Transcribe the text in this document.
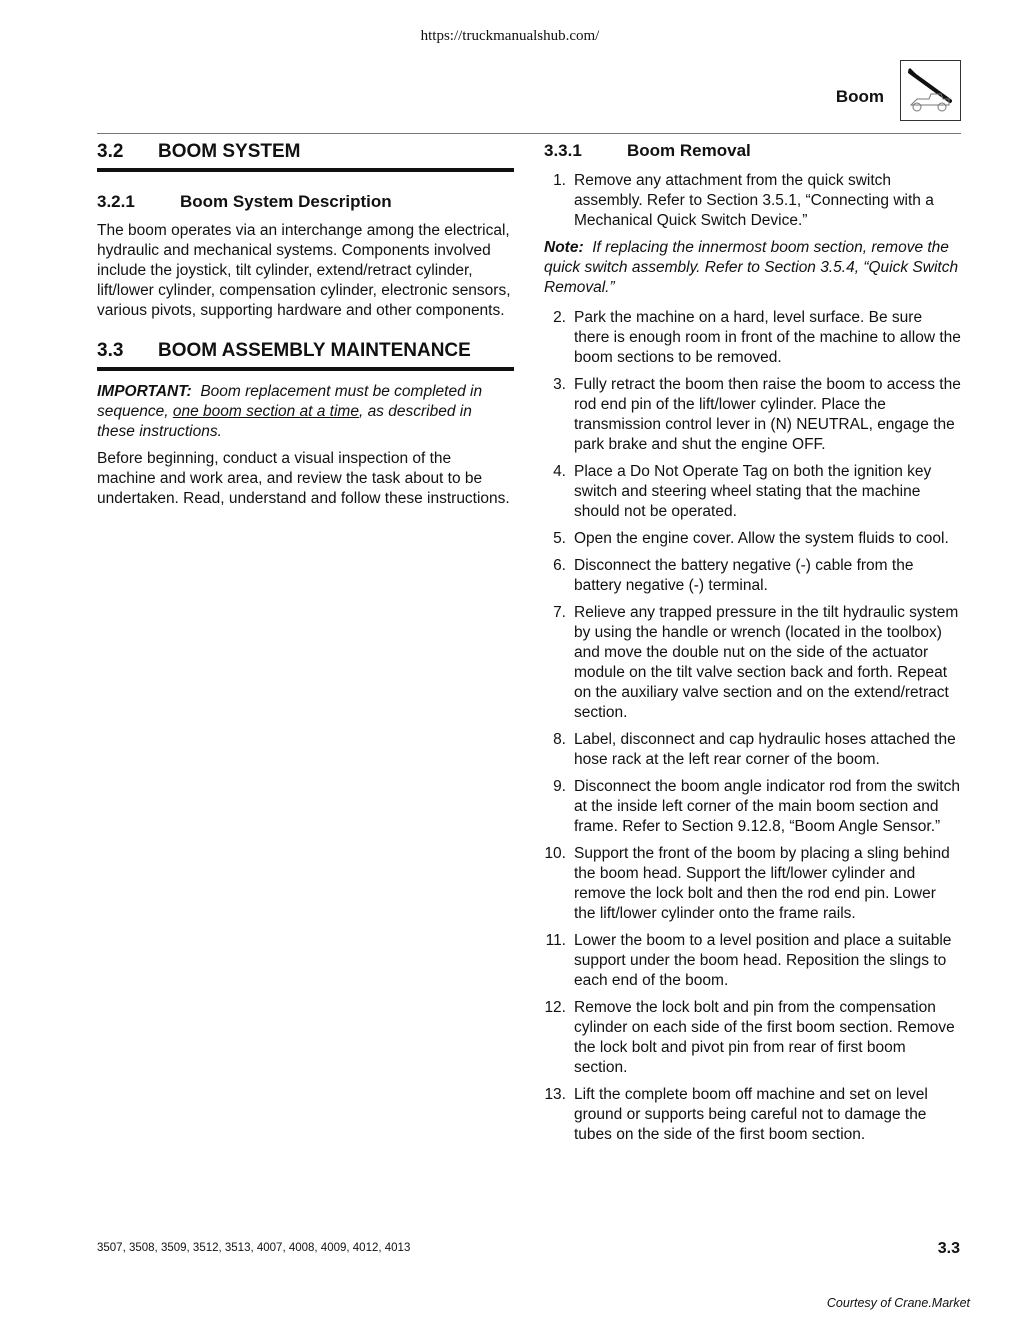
https://truckmanualshub.com/
Boom
3.2	BOOM SYSTEM
3.2.1	Boom System Description

The boom operates via an interchange among the electrical, hydraulic and mechanical systems. Components involved include the joystick, tilt cylinder, extend/retract cylinder, lift/lower cylinder, compensation cylinder, electronic sensors, various pivots, supporting hardware and other components.

3.3	BOOM ASSEMBLY MAINTENANCE

IMPORTANT: Boom replacement must be completed in sequence, one boom section at a time, as described in these instructions.

Before beginning, conduct a visual inspection of the machine and work area, and review the task about to be undertaken. Read, understand and follow these instructions.

3.3.1	Boom Removal
1. Remove any attachment from the quick switch assembly. Refer to Section 3.5.1, “Connecting with a Mechanical Quick Switch Device.”

Note: If replacing the innermost boom section, remove the quick switch assembly. Refer to Section 3.5.4, “Quick Switch Removal.”

2. Park the machine on a hard, level surface. Be sure there is enough room in front of the machine to allow the boom sections to be removed.
3. Fully retract the boom then raise the boom to access the rod end pin of the lift/lower cylinder. Place the transmission control lever in (N) NEUTRAL, engage the park brake and shut the engine OFF.
4. Place a Do Not Operate Tag on both the ignition key switch and steering wheel stating that the machine should not be operated.
5. Open the engine cover. Allow the system fluids to cool.
6. Disconnect the battery negative (-) cable from the battery negative (-) terminal.
7. Relieve any trapped pressure in the tilt hydraulic system by using the handle or wrench (located in the toolbox) and move the double nut on the side of the actuator module on the tilt valve section back and forth. Repeat on the auxiliary valve section and on the extend/retract section.
8. Label, disconnect and cap hydraulic hoses attached the hose rack at the left rear corner of the boom.
9. Disconnect the boom angle indicator rod from the switch at the inside left corner of the main boom section and frame. Refer to Section 9.12.8, “Boom Angle Sensor.”
10. Support the front of the boom by placing a sling behind the boom head. Support the lift/lower cylinder and remove the lock bolt and then the rod end pin. Lower the lift/lower cylinder onto the frame rails.
11. Lower the boom to a level position and place a suitable support under the boom head. Reposition the slings to each end of the boom.
12. Remove the lock bolt and pin from the compensation cylinder on each side of the first boom section. Remove the lock bolt and pivot pin from rear of first boom section.
13. Lift the complete boom off machine and set on level ground or supports being careful not to damage the tubes on the side of the first boom section.
3507, 3508, 3509, 3512, 3513, 4007, 4008, 4009, 4012, 4013	3.3
Courtesy of Crane.Market
